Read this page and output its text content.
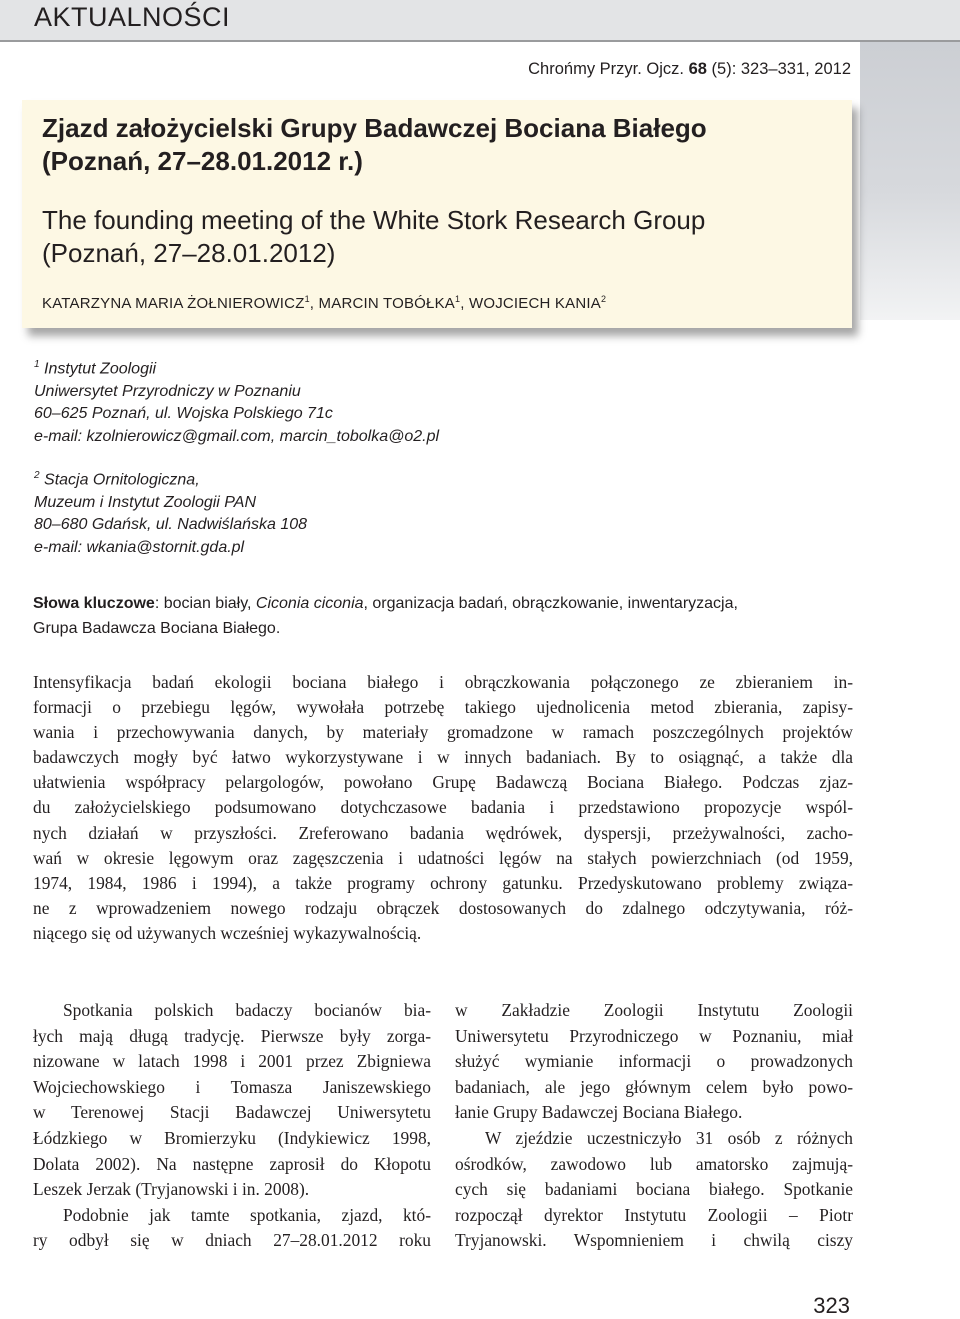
AKTUALNOŚCI
Chrońmy Przyr. Ojcz. 68 (5): 323–331, 2012
Zjazd założycielski Grupy Badawczej Bociana Białego
(Poznań, 27–28.01.2012 r.)
The founding meeting of the White Stork Research Group
(Poznań, 27–28.01.2012)
KATARZYNA MARIA ŻOŁNIEROWICZ$^1$, MARCIN TOBÓŁKA$^1$, WOJCIECH KANIA$^2$
$^1$ Instytut Zoologii
Uniwersytet Przyrodniczy w Poznaniu
60–625 Poznań, ul. Wojska Polskiego 71c
e-mail: kzolnierowicz@gmail.com, marcin_tobolka@o2.pl
$^2$ Stacja Ornitologiczna,
Muzeum i Instytut Zoologii PAN
80–680 Gdańsk, ul. Nadwiślańska 108
e-mail: wkania@stornit.gda.pl
Słowa kluczowe: bocian biały, Ciconia ciconia, organizacja badań, obrączkowanie, inwentaryzacja,
Grupa Badawcza Bociana Białego.
Intensyfikacja badań ekologii bociana białego i obrączkowania połączonego ze zbieraniem in-
formacji o przebiegu lęgów, wywołała potrzebę takiego ujednolicenia metod zbierania, zapisy-
wania i przechowywania danych, by materiały gromadzone w ramach poszczególnych projektów
badawczych mogły być łatwo wykorzystywane i w innych badaniach. By to osiągnąć, a także dla
ułatwienia współpracy pelargologów, powołano Grupę Badawczą Bociana Białego. Podczas zjaz-
du założycielskiego podsumowano dotychczasowe badania i przedstawiono propozycje wspól-
nych działań w przyszłości. Zreferowano badania wędrówek, dyspersji, przeżywalności, zacho-
wań w okresie lęgowym oraz zagęszczenia i udatności lęgów na stałych powierzchniach (od 1959,
1974, 1984, 1986 i 1994), a także programy ochrony gatunku. Przedyskutowano problemy związa-
ne z wprowadzeniem nowego rodzaju obrączek dostosowanych do zdalnego odczytywania, róż-
niącego się od używanych wcześniej wykazywalnością.
Spotkania polskich badaczy bocianów bia-
łych mają długą tradycję. Pierwsze były zorga-
nizowane w latach 1998 i 2001 przez Zbigniewa
Wojciechowskiego i Tomasza Janiszewskiego
w Terenowej Stacji Badawczej Uniwersytetu
Łódzkiego w Bromierzyku (Indykiewicz 1998,
Dolata 2002). Na następne zaprosił do Kłopotu
Leszek Jerzak (Tryjanowski i in. 2008).
Podobnie jak tamte spotkania, zjazd, któ-
ry odbył się w dniach 27–28.01.2012 roku
w Zakładzie Zoologii Instytutu Zoologii
Uniwersytetu Przyrodniczego w Poznaniu, miał
służyć wymianie informacji o prowadzonych
badaniach, ale jego głównym celem było powo-
łanie Grupy Badawczej Bociana Białego.
W zjeździe uczestniczyło 31 osób z różnych
ośrodków, zawodowo lub amatorsko zajmują-
cych się badaniami bociana białego. Spotkanie
rozpoczął dyrektor Instytutu Zoologii – Piotr
Tryjanowski. Wspomnieniem i chwilą ciszy
323
